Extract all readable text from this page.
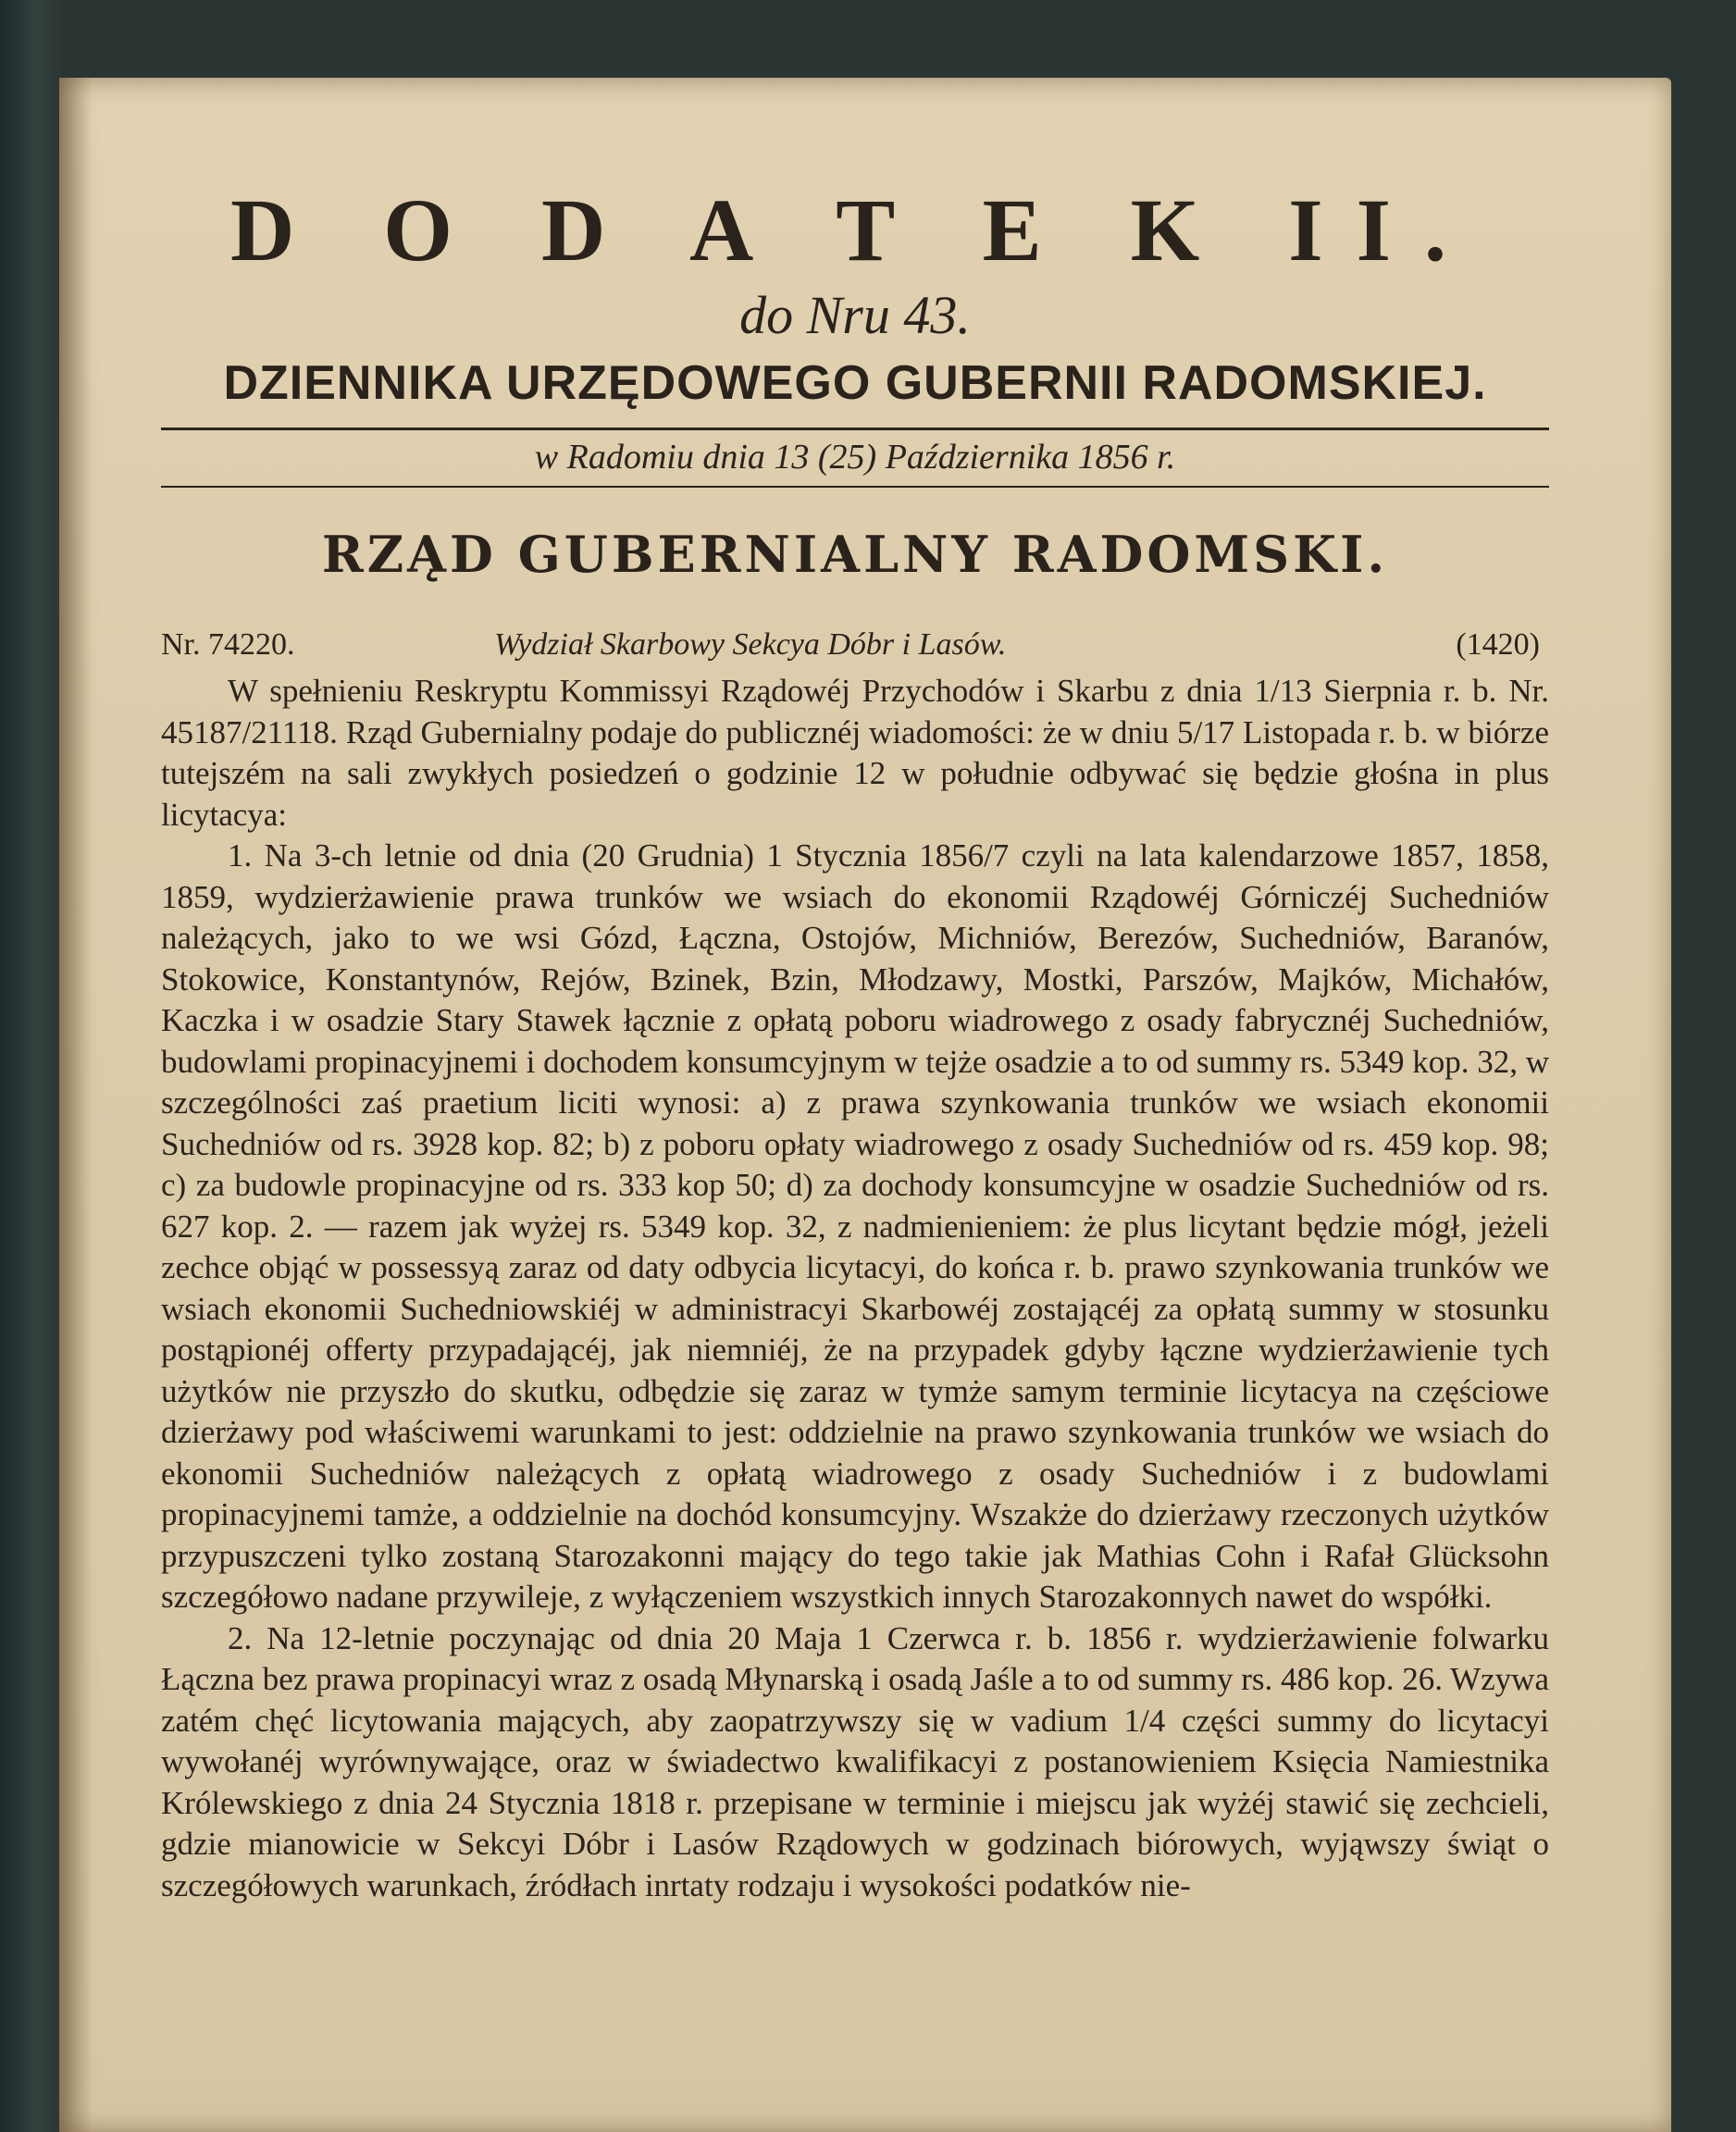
D O D A T E K II.
do Nru 43.
DZIENNIKA URZĘDOWEGO GUBERNII RADOMSKIEJ.
w Radomiu dnia 13 (25) Października 1856 r.
RZĄD GUBERNIALNY RADOMSKI.
Nr. 74220.	Wydział Skarbowy Sekcya Dóbr i Lasów.	(1420)

W spełnieniu Reskryptu Kommissyi Rządowéj Przychodów i Skarbu z dnia 1/13 Sierpnia r. b. Nr. 45187/21118. Rząd Gubernialny podaje do publicznéj wiadomości: że w dniu 5/17 Listopada r. b. w biórze tutejszém na sali zwykłych posiedzeń o godzinie 12 w południe odbywać się będzie głośna in plus licytacya:

1. Na 3-ch letnie od dnia (20 Grudnia) 1 Stycznia 1856/7 czyli na lata kalendarzowe 1857, 1858, 1859, wydzierżawienie prawa trunków we wsiach do ekonomii Rządowéj Górniczéj Suchedniów należących, jako to we wsi Gózd, Łączna, Ostojów, Michniów, Berezów, Suchedniów, Baranów, Stokowice, Konstantynów, Rejów, Bzinek, Bzin, Młodzawy, Mostki, Parszów, Majków, Michałów, Kaczka i w osadzie Stary Stawek łącznie z opłatą poboru wiadrowego z osady fabrycznéj Suchedniów, budowlami propinacyjnemi i dochodem konsumcyjnym w tejże osadzie a to od summy rs. 5349 kop. 32, w szczególności zaś praetium liciti wynosi: a) z prawa szynkowania trunków we wsiach ekonomii Suchedniów od rs. 3928 kop. 82; b) z poboru opłaty wiadrowego z osady Suchedniów od rs. 459 kop. 98; c) za budowle propinacyjne od rs. 333 kop 50; d) za dochody konsumcyjne w osadzie Suchedniów od rs. 627 kop. 2. — razem jak wyżej rs. 5349 kop. 32, z nadmienieniem: że plus licytant będzie mógł, jeżeli zechce objąć w possessyą zaraz od daty odbycia licytacyi, do końca r. b. prawo szynkowania trunków we wsiach ekonomii Suchedniowskiéj w administracyi Skarbowéj zostającéj za opłatą summy w stosunku postąpionéj offerty przypadającéj, jak niemniéj, że na przypadek gdyby łączne wydzierżawienie tych użytków nie przyszło do skutku, odbędzie się zaraz w tymże samym terminie licytacya na częściowe dzierżawy pod właściwemi warunkami to jest: oddzielnie na prawo szynkowania trunków we wsiach do ekonomii Suchedniów należących z opłatą wiadrowego z osady Suchedniów i z budowlami propinacyjnemi tamże, a oddzielnie na dochód konsumcyjny. Wszakże do dzierżawy rzeczonych użytków przypuszczeni tylko zostaną Starozakonni mający do tego takie jak Mathias Cohn i Rafał Glücksohn szczegółowo nadane przywileje, z wyłączeniem wszystkich innych Starozakonnych nawet do współki.

2. Na 12-letnie poczynając od dnia 20 Maja 1 Czerwca r. b. 1856 r. wydzierżawienie folwarku Łączna bez prawa propinacyi wraz z osadą Młynarską i osadą Jaśle a to od summy rs. 486 kop. 26. Wzywa zatém chęć licytowania mających, aby zaopatrzywszy się w vadium 1/4 części summy do licytacyi wywołanéj wyrównywające, oraz w świadectwo kwalifikacyi z postanowieniem Księcia Namiestnika Królewskiego z dnia 24 Stycznia 1818 r. przepisane w terminie i miejscu jak wyżéj stawić się zechcieli, gdzie mianowicie w Sekcyi Dóbr i Lasów Rządowych w godzinach biórowych, wyjąwszy świąt o szczegółowych warunkach, źródłach inrtaty rodzaju i wysokości podatków nie-
